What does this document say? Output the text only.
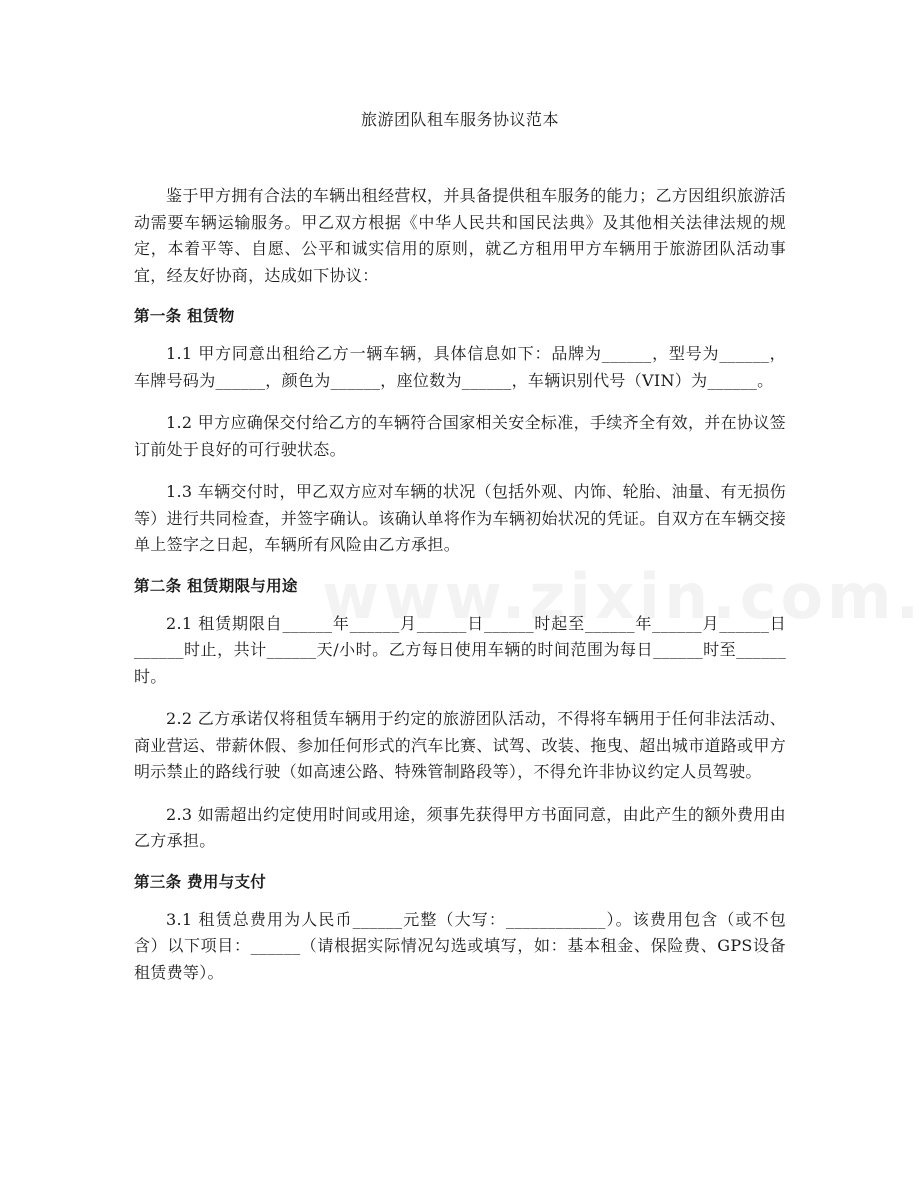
旅游团队租车服务协议范本

鉴于甲方拥有合法的车辆出租经营权，并具备提供租车服务的能力；乙方因组织旅游活动需要车辆运输服务。甲乙双方根据《中华人民共和国民法典》及其他相关法律法规的规定，本着平等、自愿、公平和诚实信用的原则，就乙方租用甲方车辆用于旅游团队活动事宜，经友好协商，达成如下协议：

第一条 租赁物

1.1 甲方同意出租给乙方一辆车辆，具体信息如下：品牌为______，型号为______，车牌号码为______，颜色为______，座位数为______，车辆识别代号（VIN）为______。

1.2 甲方应确保交付给乙方的车辆符合国家相关安全标准，手续齐全有效，并在协议签订前处于良好的可行驶状态。

1.3 车辆交付时，甲乙双方应对车辆的状况（包括外观、内饰、轮胎、油量、有无损伤等）进行共同检查，并签字确认。该确认单将作为车辆初始状况的凭证。自双方在车辆交接单上签字之日起，车辆所有风险由乙方承担。

第二条 租赁期限与用途

2.1 租赁期限自______年______月______日______时起至______年______月______日______时止，共计______天/小时。乙方每日使用车辆的时间范围为每日______时至______时。

2.2 乙方承诺仅将租赁车辆用于约定的旅游团队活动，不得将车辆用于任何非法活动、商业营运、带薪休假、参加任何形式的汽车比赛、试驾、改装、拖曳、超出城市道路或甲方明示禁止的路线行驶（如高速公路、特殊管制路段等），不得允许非协议约定人员驾驶。

2.3 如需超出约定使用时间或用途，须事先获得甲方书面同意，由此产生的额外费用由乙方承担。

第三条 费用与支付

3.1 租赁总费用为人民币______元整（大写：____________）。该费用包含（或不包含）以下项目：______（请根据实际情况勾选或填写，如：基本租金、保险费、GPS设备租赁费等）。
